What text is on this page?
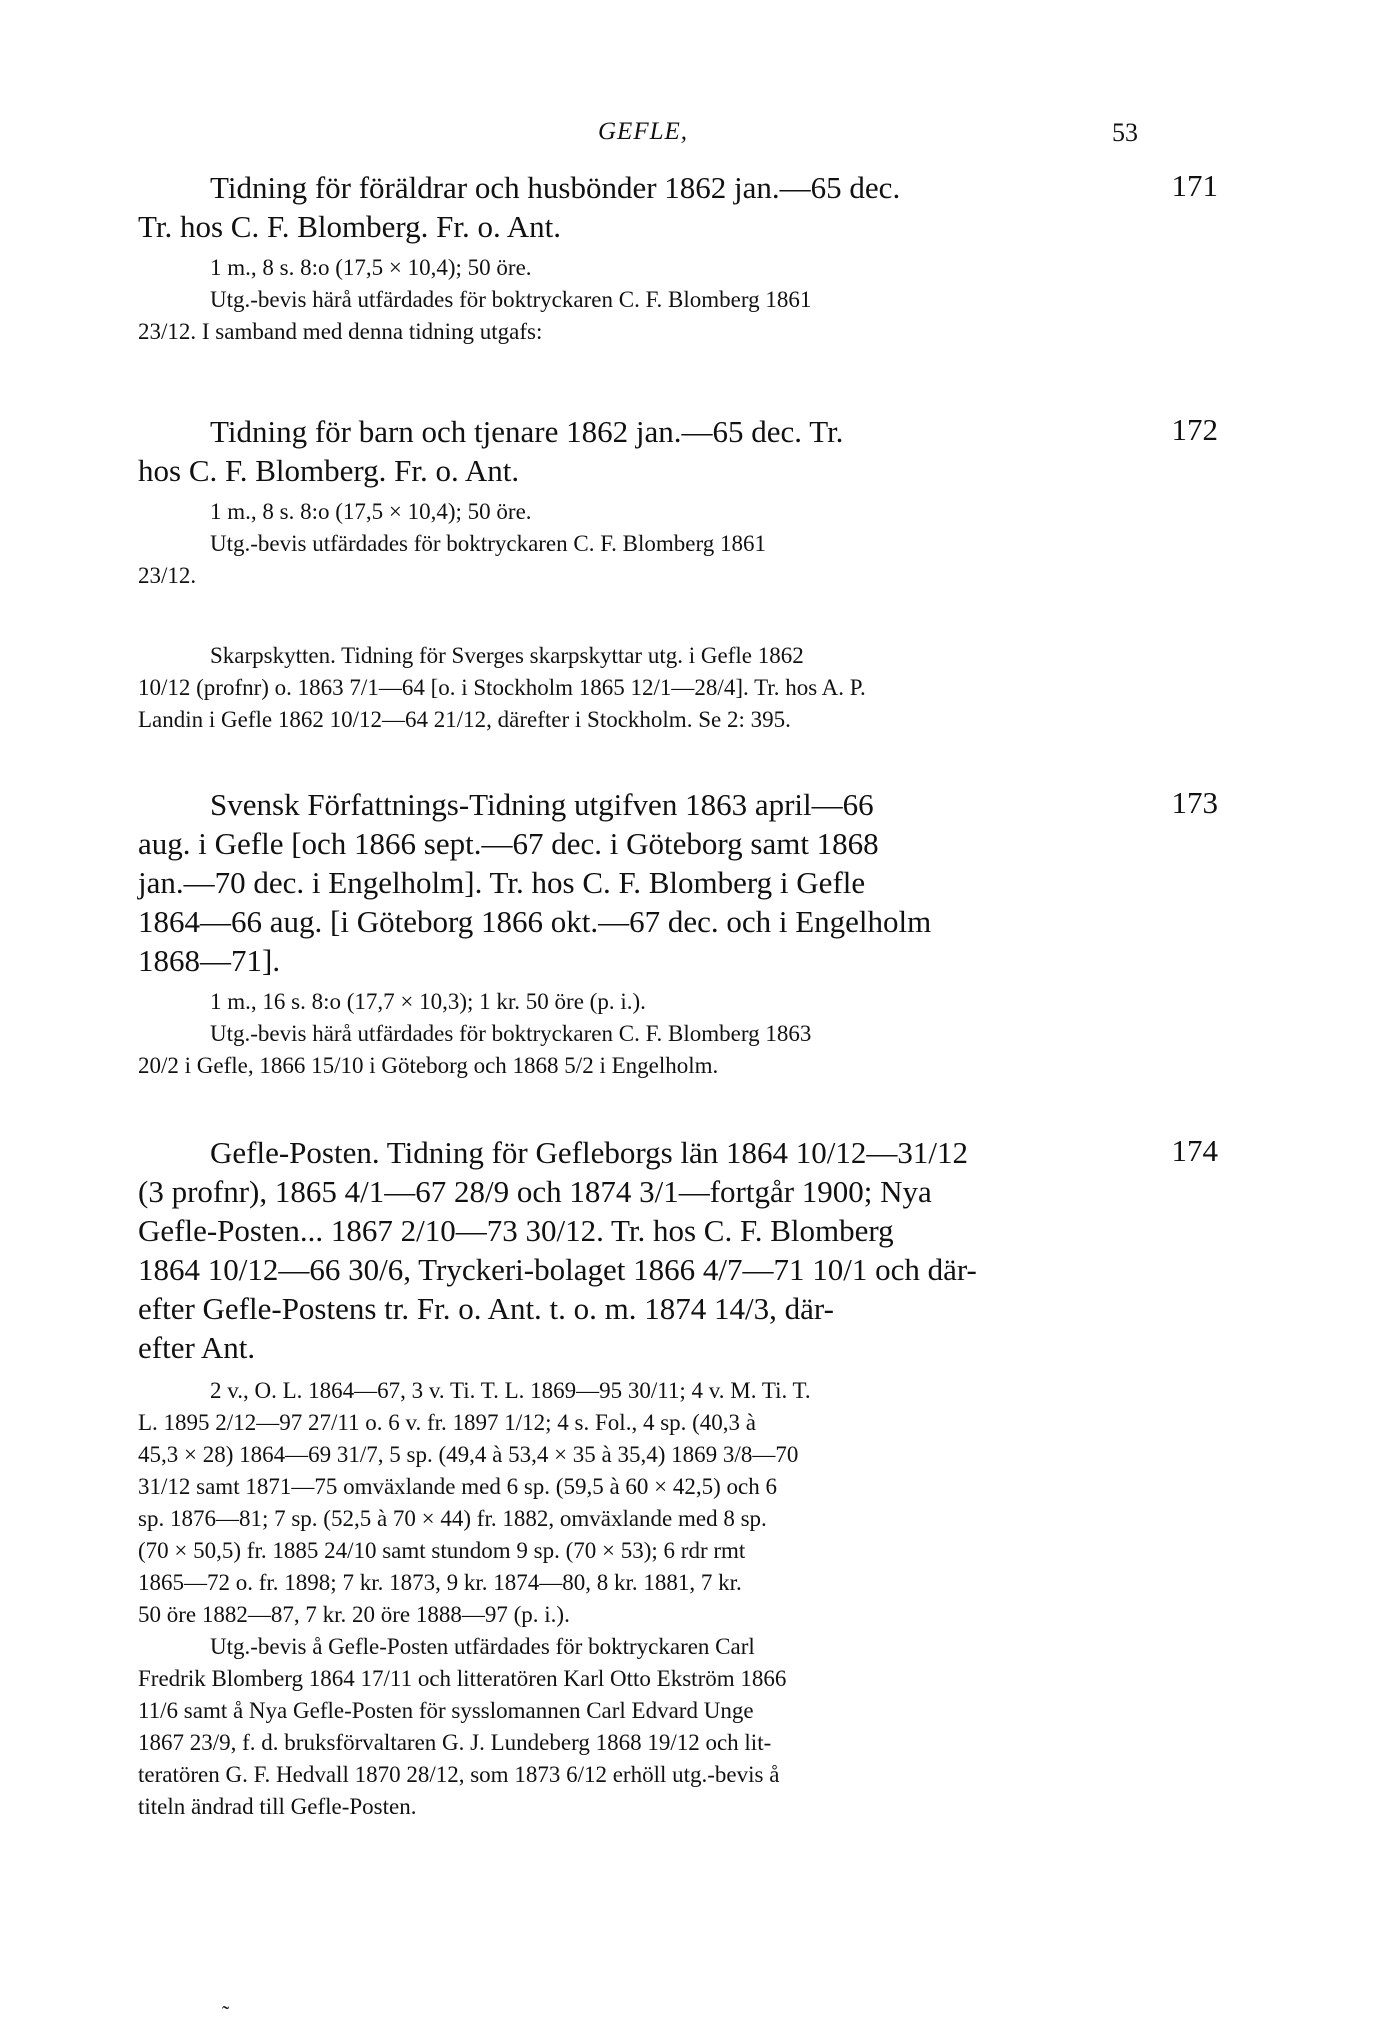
GEFLE,	53
171

Tidning för föräldrar och husbönder 1862 jan.—65 dec.

Tr. hos C. F. Blomberg. Fr. o. Ant.

1 m., 8 s. 8:o (17,5 × 10,4); 50 öre.

Utg.-bevis härå utfärdades för boktryckaren C. F. Blomberg 1861

23/12. I samband med denna tidning utgafs:

172

Tidning för barn och tjenare 1862 jan.—65 dec. Tr.

hos C. F. Blomberg. Fr. o. Ant.

1 m., 8 s. 8:o (17,5 × 10,4); 50 öre.

Utg.-bevis utfärdades för boktryckaren C. F. Blomberg 1861

23/12.

Skarpskytten. Tidning för Sverges skarpskyttar utg. i Gefle 1862

10/12 (profnr) o. 1863 7/1—64 [o. i Stockholm 1865 12/1—28/4]. Tr. hos A. P.

Landin i Gefle 1862 10/12—64 21/12, därefter i Stockholm. Se 2: 395.

173

Svensk Författnings-Tidning utgifven 1863 april—66

aug. i Gefle [och 1866 sept.—67 dec. i Göteborg samt 1868

jan.—70 dec. i Engelholm]. Tr. hos C. F. Blomberg i Gefle

1864—66 aug. [i Göteborg 1866 okt.—67 dec. och i Engelholm

1868—71].

1 m., 16 s. 8:o (17,7 × 10,3); 1 kr. 50 öre (p. i.).

Utg.-bevis härå utfärdades för boktryckaren C. F. Blomberg 1863

20/2 i Gefle, 1866 15/10 i Göteborg och 1868 5/2 i Engelholm.

174

Gefle-Posten. Tidning för Gefleborgs län 1864 10/12—31/12

(3 profnr), 1865 4/1—67 28/9 och 1874 3/1—fortgår 1900; Nya

Gefle-Posten... 1867 2/10—73 30/12. Tr. hos C. F. Blomberg

1864 10/12—66 30/6, Tryckeri-bolaget 1866 4/7—71 10/1 och där-

efter Gefle-Postens tr. Fr. o. Ant. t. o. m. 1874 14/3, där-

efter Ant.

2 v., O. L. 1864—67, 3 v. Ti. T. L. 1869—95 30/11; 4 v. M. Ti. T.

L. 1895 2/12—97 27/11 o. 6 v. fr. 1897 1/12; 4 s. Fol., 4 sp. (40,3 à

45,3 × 28) 1864—69 31/7, 5 sp. (49,4 à 53,4 × 35 à 35,4) 1869 3/8—70

31/12 samt 1871—75 omväxlande med 6 sp. (59,5 à 60 × 42,5) och 6

sp. 1876—81; 7 sp. (52,5 à 70 × 44) fr. 1882, omväxlande med 8 sp.

(70 × 50,5) fr. 1885 24/10 samt stundom 9 sp. (70 × 53); 6 rdr rmt

1865—72 o. fr. 1898; 7 kr. 1873, 9 kr. 1874—80, 8 kr. 1881, 7 kr.

50 öre 1882—87, 7 kr. 20 öre 1888—97 (p. i.).

Utg.-bevis å Gefle-Posten utfärdades för boktryckaren Carl

Fredrik Blomberg 1864 17/11 och litteratören Karl Otto Ekström 1866

11/6 samt å Nya Gefle-Posten för sysslomannen Carl Edvard Unge

1867 23/9, f. d. bruksförvaltaren G. J. Lundeberg 1868 19/12 och lit-

teratören G. F. Hedvall 1870 28/12, som 1873 6/12 erhöll utg.-bevis å

titeln ändrad till Gefle-Posten.

˷
